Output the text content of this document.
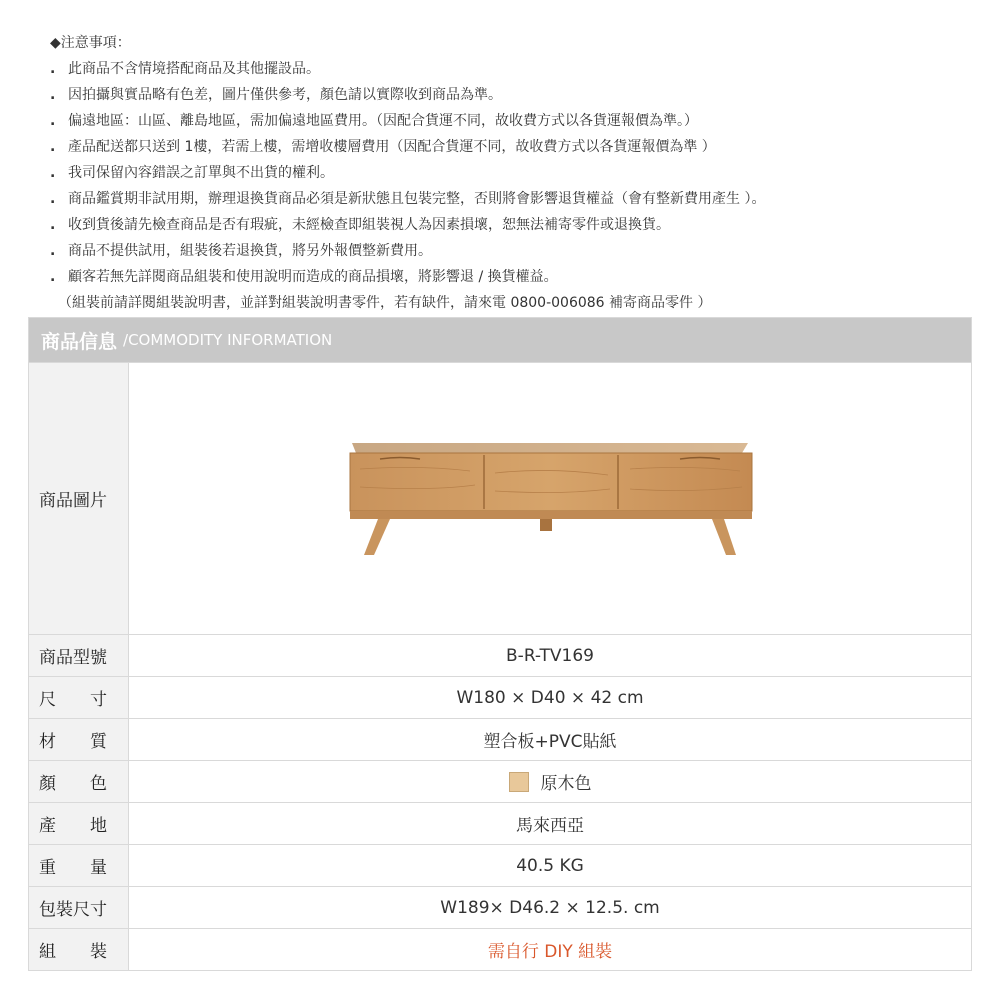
◆注意事項：
. 此商品不含情境搭配商品及其他擺設品。
. 因拍攝與實品略有色差，圖片僅供參考，顏色請以實際收到商品為準。
. 偏遠地區：山區、離島地區，需加偏遠地區費用。（因配合貨運不同，故收費方式以各貨運報價為準。）
. 產品配送都只送到 1樓，若需上樓，需增收樓層費用（因配合貨運不同，故收費方式以各貨運報價為準 ）
. 我司保留內容錯誤之訂單與不出貨的權利。
. 商品鑑賞期非試用期，辦理退換貨商品必須是新狀態且包裝完整，否則將會影響退貨權益（會有整新費用產生 ）。
. 收到貨後請先檢查商品是否有瑕疵，未經檢查即組裝視人為因素損壞，恕無法補寄零件或退換貨。
. 商品不提供試用，組裝後若退換貨，將另外報價整新費用。
. 顧客若無先詳閱商品組裝和使用說明而造成的商品損壞，將影響退 / 換貨權益。
（組裝前請詳閱組裝說明書，並詳對組裝說明書零件，若有缺件，請來電 0800-006086 補寄商品零件 ）
商品信息 /COMMODITY INFORMATION
商品圖片
商品型號	B-R-TV169
尺　　寸	W180 × D40 × 42 cm
材　　質	塑合板+PVC貼紙
顏　　色	原木色
產　　地	馬來西亞
重　　量	40.5 KG
包裝尺寸	W189× D46.2 × 12.5. cm
組　　裝	需自行 DIY 組裝
